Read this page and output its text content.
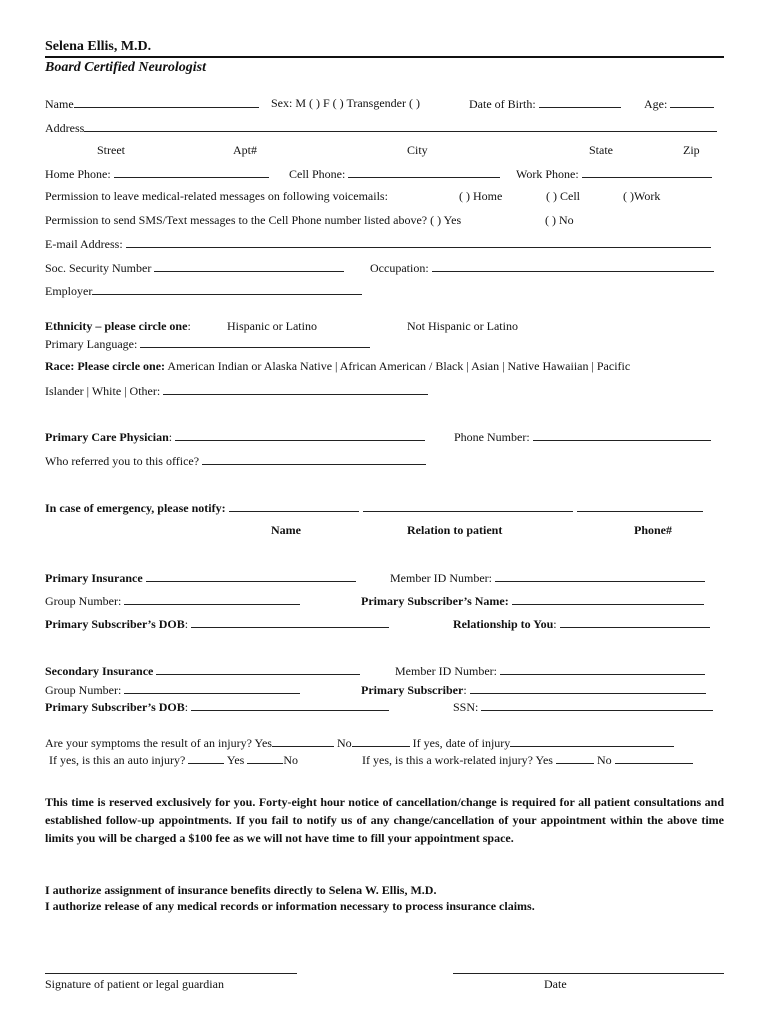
Selena Ellis, M.D.
Board Certified Neurologist
Name	Sex: M ( ) F ( ) Transgender ( )	Date of Birth:	Age:
Address
Street	Apt#	City	State	Zip
Home Phone:	Cell Phone:	Work Phone:
Permission to leave medical-related messages on following voicemails:	( ) Home	( ) Cell	( )Work
Permission to send SMS/Text messages to the Cell Phone number listed above? ( ) Yes	( ) No
E-mail Address:
Soc. Security Number	Occupation:
Employer
Ethnicity – please circle one:	Hispanic or Latino	Not Hispanic or Latino
Primary Language:
Race: Please circle one: American Indian or Alaska Native | African American / Black | Asian | Native Hawaiian | Pacific
Islander | White | Other:
Primary Care Physician:	Phone Number:
Who referred you to this office?
In case of emergency, please notify:
Name	Relation to patient	Phone#
Primary Insurance	Member ID Number:
Group Number:	Primary Subscriber’s Name:
Primary Subscriber’s DOB:	Relationship to You:
Secondary Insurance	Member ID Number:
Group Number:	Primary Subscriber:
Primary Subscriber’s DOB:	SSN:
Are your symptoms the result of an injury? Yes	No	If yes, date of injury
If yes, is this an auto injury?	Yes	No	If yes, is this a work-related injury? Yes	No
This time is reserved exclusively for you. Forty-eight hour notice of cancellation/change is required for all patient consultations and established follow-up appointments. If you fail to notify us of any change/cancellation of your appointment within the above time limits you will be charged a $100 fee as we will not have time to fill your appointment space.
I authorize assignment of insurance benefits directly to Selena W. Ellis, M.D.
I authorize release of any medical records or information necessary to process insurance claims.
Signature of patient or legal guardian	Date
